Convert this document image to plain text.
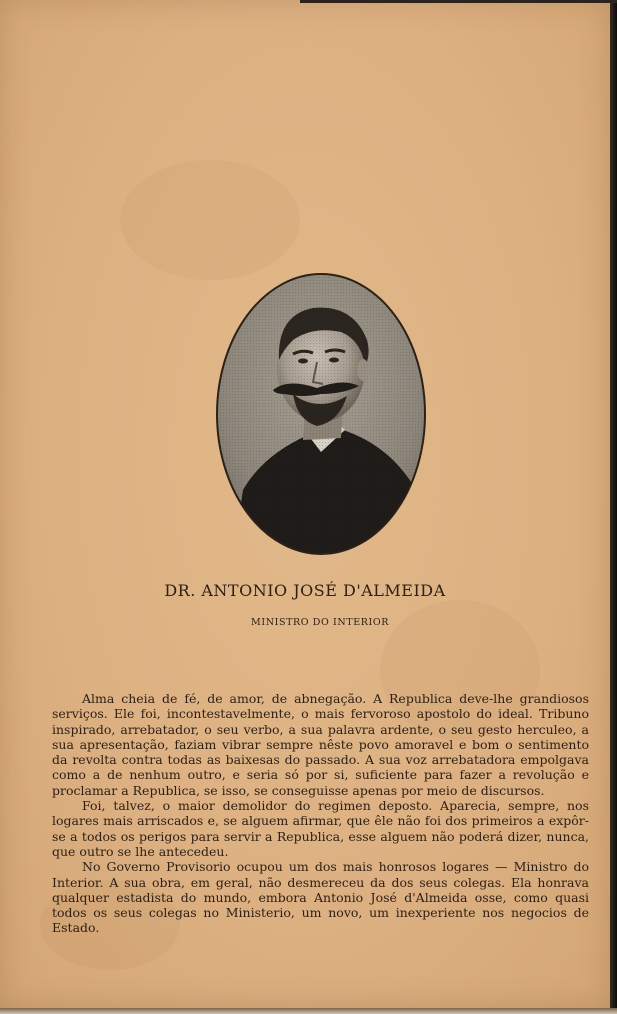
DR. ANTONIO JOSÉ D'ALMEIDA
MINISTRO DO INTERIOR

Alma cheia de fé, de amor, de abnegação. A Republica deve-lhe grandiosos serviços. Ele foi, incontestavelmente, o mais fervoroso apostolo do ideal. Tribuno inspirado, arrebatador, o seu verbo, a sua palavra ardente, o seu gesto herculeo, a sua apresentação, faziam vibrar sempre nêste povo amoravel e bom o sentimento da revolta contra todas as baixesas do passado. A sua voz arrebatadora empolgava como a de nenhum outro, e seria só por si, suficiente para fazer a revolução e proclamar a Republica, se isso, se conseguisse apenas por meio de discursos.

Foi, talvez, o maior demolidor do regimen deposto. Aparecia, sempre, nos logares mais arriscados e, se alguem afirmar, que êle não foi dos primeiros a expôr-se a todos os perigos para servir a Republica, esse alguem não poderá dizer, nunca, que outro se lhe antecedeu.

No Governo Provisorio ocupou um dos mais honrosos logares — Ministro do Interior. A sua obra, em geral, não desmereceu da dos seus colegas. Ela honrava qualquer estadista do mundo, embora Antonio José d'Almeida osse, como quasi todos os seus colegas no Ministerio, um novo, um inexperiente nos negocios de Estado.
